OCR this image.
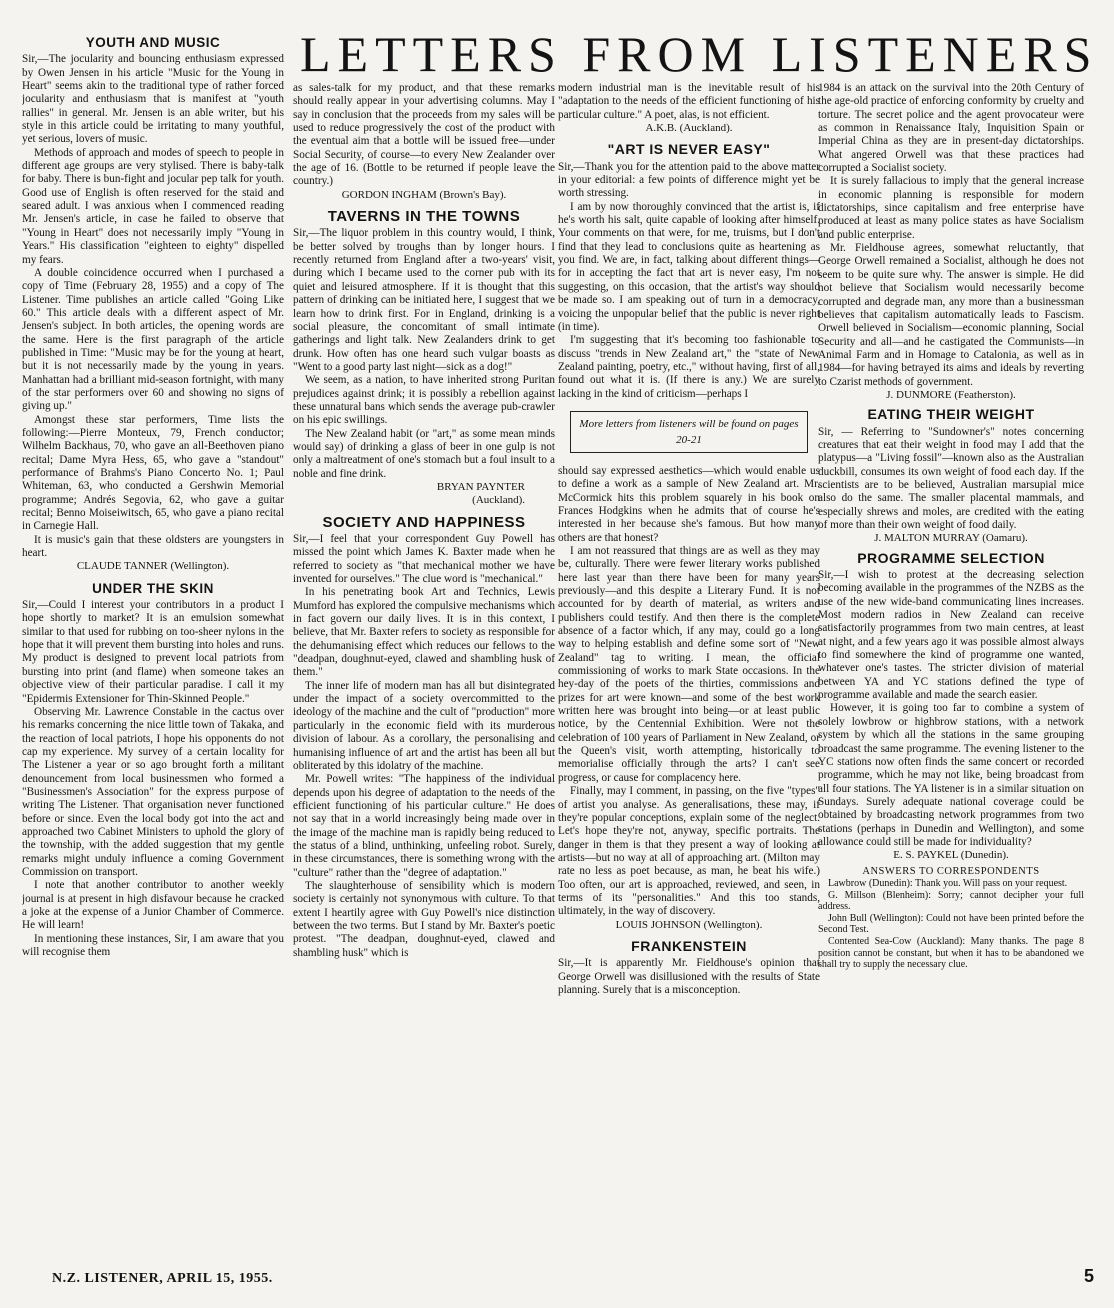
LETTERS FROM LISTENERS
YOUTH AND MUSIC

Sir,—The jocularity and bouncing enthusiasm expressed by Owen Jensen in his article "Music for the Young in Heart" seems akin to the traditional type of rather forced jocularity and enthusiasm that is manifest at "youth rallies" in general. Mr. Jensen is an able writer, but his style in this article could be irritating to many youthful, yet serious, lovers of music.

Methods of approach and modes of speech to people in different age groups are very stylised. There is baby-talk for baby. There is bun-fight and jocular pep talk for youth. Good use of English is often reserved for the staid and seared adult. I was anxious when I commenced reading Mr. Jensen's article, in case he failed to observe that "Young in Heart" does not necessarily imply "Young in Years." His classification "eighteen to eighty" dispelled my fears.

A double coincidence occurred when I purchased a copy of Time (February 28, 1955) and a copy of The Listener. Time publishes an article called "Going Like 60." This article deals with a different aspect of Mr. Jensen's subject. In both articles, the opening words are the same. Here is the first paragraph of the article published in Time: "Music may be for the young at heart, but it is not necessarily made by the young in years. Manhattan had a brilliant mid-season fortnight, with many of the star performers over 60 and showing no signs of giving up."

Amongst these star performers, Time lists the following:—Pierre Monteux, 79, French conductor; Wilhelm Backhaus, 70, who gave an all-Beethoven piano recital; Dame Myra Hess, 65, who gave a "standout" performance of Brahms's Piano Concerto No. 1; Paul Whiteman, 63, who conducted a Gershwin Memorial programme; Andrés Segovia, 62, who gave a guitar recital; Benno Moiseiwitsch, 65, who gave a piano recital in Carnegie Hall.

It is music's gain that these oldsters are youngsters in heart.

CLAUDE TANNER (Wellington).

UNDER THE SKIN

Sir,—Could I interest your contributors in a product I hope shortly to market? It is an emulsion somewhat similar to that used for rubbing on too-sheer nylons in the hope that it will prevent them bursting into holes and runs. My product is designed to prevent local patriots from bursting into print (and flame) when someone takes an objective view of their particular paradise. I call it my "Epidermis Extensioner for Thin-Skinned People."

Observing Mr. Lawrence Constable in the cactus over his remarks concerning the nice little town of Takaka, and the reaction of local patriots, I hope his opponents do not cap my experience. My survey of a certain locality for The Listener a year or so ago brought forth a militant denouncement from local businessmen who formed a "Businessmen's Association" for the express purpose of writing The Listener. That organisation never functioned before or since. Even the local body got into the act and approached two Cabinet Ministers to uphold the glory of the township, with the added suggestion that my gentle remarks might unduly influence a coming Government Commission on transport.

I note that another contributor to another weekly journal is at present in high disfavour because he cracked a joke at the expense of a Junior Chamber of Commerce. He will learn!

In mentioning these instances, Sir, I am aware that you will recognise them

as sales-talk for my product, and that these remarks should really appear in your advertising columns. May I say in conclusion that the proceeds from my sales will be used to reduce progressively the cost of the product with the eventual aim that a bottle will be issued free—under Social Security, of course—to every New Zealander over the age of 16. (Bottle to be returned if people leave the country.)

GORDON INGHAM (Brown's Bay).

TAVERNS IN THE TOWNS

Sir,—The liquor problem in this country would, I think, be better solved by troughs than by longer hours. I recently returned from England after a two-years' visit, during which I became used to the corner pub with its quiet and leisured atmosphere. If it is thought that this pattern of drinking can be initiated here, I suggest that we learn how to drink first. For in England, drinking is a social pleasure, the concomitant of small intimate gatherings and light talk. New Zealanders drink to get drunk. How often has one heard such vulgar boasts as "Went to a good party last night—sick as a dog!"

We seem, as a nation, to have inherited strong Puritan prejudices against drink; it is possibly a rebellion against these unnatural bans which sends the average pub-crawler on his epic swillings.

The New Zealand habit (or "art," as some mean minds would say) of drinking a glass of beer in one gulp is not only a maltreatment of one's stomach but a foul insult to a noble and fine drink.

BRYAN PAYNTER

(Auckland).

SOCIETY AND HAPPINESS

Sir,—I feel that your correspondent Guy Powell has missed the point which James K. Baxter made when he referred to society as "that mechanical mother we have invented for ourselves." The clue word is "mechanical."

In his penetrating book Art and Technics, Lewis Mumford has explored the compulsive mechanisms which in fact govern our daily lives. It is in this context, I believe, that Mr. Baxter refers to society as responsible for the dehumanising effect which reduces our fellows to the "deadpan, doughnut-eyed, clawed and shambling husk of them."

The inner life of modern man has all but disintegrated under the impact of a society overcommitted to the ideology of the machine and the cult of "production" more particularly in the economic field with its murderous division of labour. As a corollary, the personalising and humanising influence of art and the artist has been all but obliterated by this idolatry of the machine.

Mr. Powell writes: "The happiness of the individual depends upon his degree of adaptation to the needs of the efficient functioning of his particular culture." He does not say that in a world increasingly being made over in the image of the machine man is rapidly being reduced to the status of a blind, unthinking, unfeeling robot. Surely, in these circumstances, there is something wrong with the "culture" rather than the "degree of adaptation."

The slaughterhouse of sensibility which is modern society is certainly not synonymous with culture. To that extent I heartily agree with Guy Powell's nice distinction between the two terms. But I stand by Mr. Baxter's poetic protest. "The deadpan, doughnut-eyed, clawed and shambling husk" which is

modern industrial man is the inevitable result of his "adaptation to the needs of the efficient functioning of his particular culture." A poet, alas, is not efficient.

A.K.B. (Auckland).

"ART IS NEVER EASY"

Sir,—Thank you for the attention paid to the above matter in your editorial: a few points of difference might yet be worth stressing.

I am by now thoroughly convinced that the artist is, if he's worth his salt, quite capable of looking after himself. Your comments on that were, for me, truisms, but I don't find that they lead to conclusions quite as heartening as you find. We are, in fact, talking about different things—for in accepting the fact that art is never easy, I'm not suggesting, on this occasion, that the artist's way should be made so. I am speaking out of turn in a democracy, voicing the unpopular belief that the public is never right (in time).

I'm suggesting that it's becoming too fashionable to discuss "trends in New Zealand art," the "state of New Zealand painting, poetry, etc.," without having, first of all, found out what it is. (If there is any.) We are surely lacking in the kind of criticism—perhaps I

More letters from listeners will be found on pages 20-21

should say expressed aesthetics—which would enable us to define a work as a sample of New Zealand art. Mr. McCormick hits this problem squarely in his book on Frances Hodgkins when he admits that of course he's interested in her because she's famous. But how many others are that honest?

I am not reassured that things are as well as they may be, culturally. There were fewer literary works published here last year than there have been for many years previously—and this despite a Literary Fund. It is not accounted for by dearth of material, as writers and publishers could testify. And then there is the complete absence of a factor which, if any may, could go a long way to helping establish and define some sort of "New Zealand" tag to writing. I mean, the official commissioning of works to mark State occasions. In the hey-day of the poets of the thirties, commissions and prizes for art were known—and some of the best work written here was brought into being—or at least public notice, by the Centennial Exhibition. Were not the celebration of 100 years of Parliament in New Zealand, or the Queen's visit, worth attempting, historically to memorialise officially through the arts? I can't see progress, or cause for complacency here.

Finally, may I comment, in passing, on the five "types" of artist you analyse. As generalisations, these may, if they're popular conceptions, explain some of the neglect. Let's hope they're not, anyway, specific portraits. The danger in them is that they present a way of looking at artists—but no way at all of approaching art. (Milton may rate no less as poet because, as man, he beat his wife.) Too often, our art is approached, reviewed, and seen, in terms of its "personalities." And this too stands, ultimately, in the way of discovery.

LOUIS JOHNSON (Wellington).

FRANKENSTEIN

Sir,—It is apparently Mr. Fieldhouse's opinion that George Orwell was disillusioned with the results of State planning. Surely that is a misconception.

1984 is an attack on the survival into the 20th Century of the age-old practice of enforcing conformity by cruelty and torture. The secret police and the agent provocateur were as common in Renaissance Italy, Inquisition Spain or Imperial China as they are in present-day dictatorships. What angered Orwell was that these practices had corrupted a Socialist society.

It is surely fallacious to imply that the general increase in economic planning is responsible for modern dictatorships, since capitalism and free enterprise have produced at least as many police states as have Socialism and public enterprise.

Mr. Fieldhouse agrees, somewhat reluctantly, that George Orwell remained a Socialist, although he does not seem to be quite sure why. The answer is simple. He did not believe that Socialism would necessarily become corrupted and degrade man, any more than a businessman believes that capitalism automatically leads to Fascism. Orwell believed in Socialism—economic planning, Social Security and all—and he castigated the Communists—in Animal Farm and in Homage to Catalonia, as well as in 1984—for having betrayed its aims and ideals by reverting to Czarist methods of government.

J. DUNMORE (Featherston).

EATING THEIR WEIGHT

Sir, — Referring to "Sundowner's" notes concerning creatures that eat their weight in food may I add that the platypus—a "Living fossil"—known also as the Australian duckbill, consumes its own weight of food each day. If the scientists are to be believed, Australian marsupial mice also do the same. The smaller placental mammals, and especially shrews and moles, are credited with the eating of more than their own weight of food daily.

J. MALTON MURRAY (Oamaru).

PROGRAMME SELECTION

Sir,—I wish to protest at the decreasing selection becoming available in the programmes of the NZBS as the use of the new wide-band communicating lines increases. Most modern radios in New Zealand can receive satisfactorily programmes from two main centres, at least at night, and a few years ago it was possible almost always to find somewhere the kind of programme one wanted, whatever one's tastes. The stricter division of material between YA and YC stations defined the type of programme available and made the search easier.

However, it is going too far to combine a system of solely lowbrow or highbrow stations, with a network system by which all the stations in the same grouping broadcast the same programme. The evening listener to the YC stations now often finds the same concert or recorded programme, which he may not like, being broadcast from all four stations. The YA listener is in a similar situation on Sundays. Surely adequate national coverage could be obtained by broadcasting network programmes from two stations (perhaps in Dunedin and Wellington), and some allowance could still be made for individuality?

E. S. PAYKEL (Dunedin).

ANSWERS TO CORRESPONDENTS

Lawbrow (Dunedin): Thank you. Will pass on your request.

G. Millson (Blenheim): Sorry; cannot decipher your full address.

John Bull (Wellington): Could not have been printed before the Second Test.

Contented Sea-Cow (Auckland): Many thanks. The page 8 position cannot be constant, but when it has to be abandoned we shall try to supply the necessary clue.

N.Z. LISTENER, APRIL 15, 1955.	5
